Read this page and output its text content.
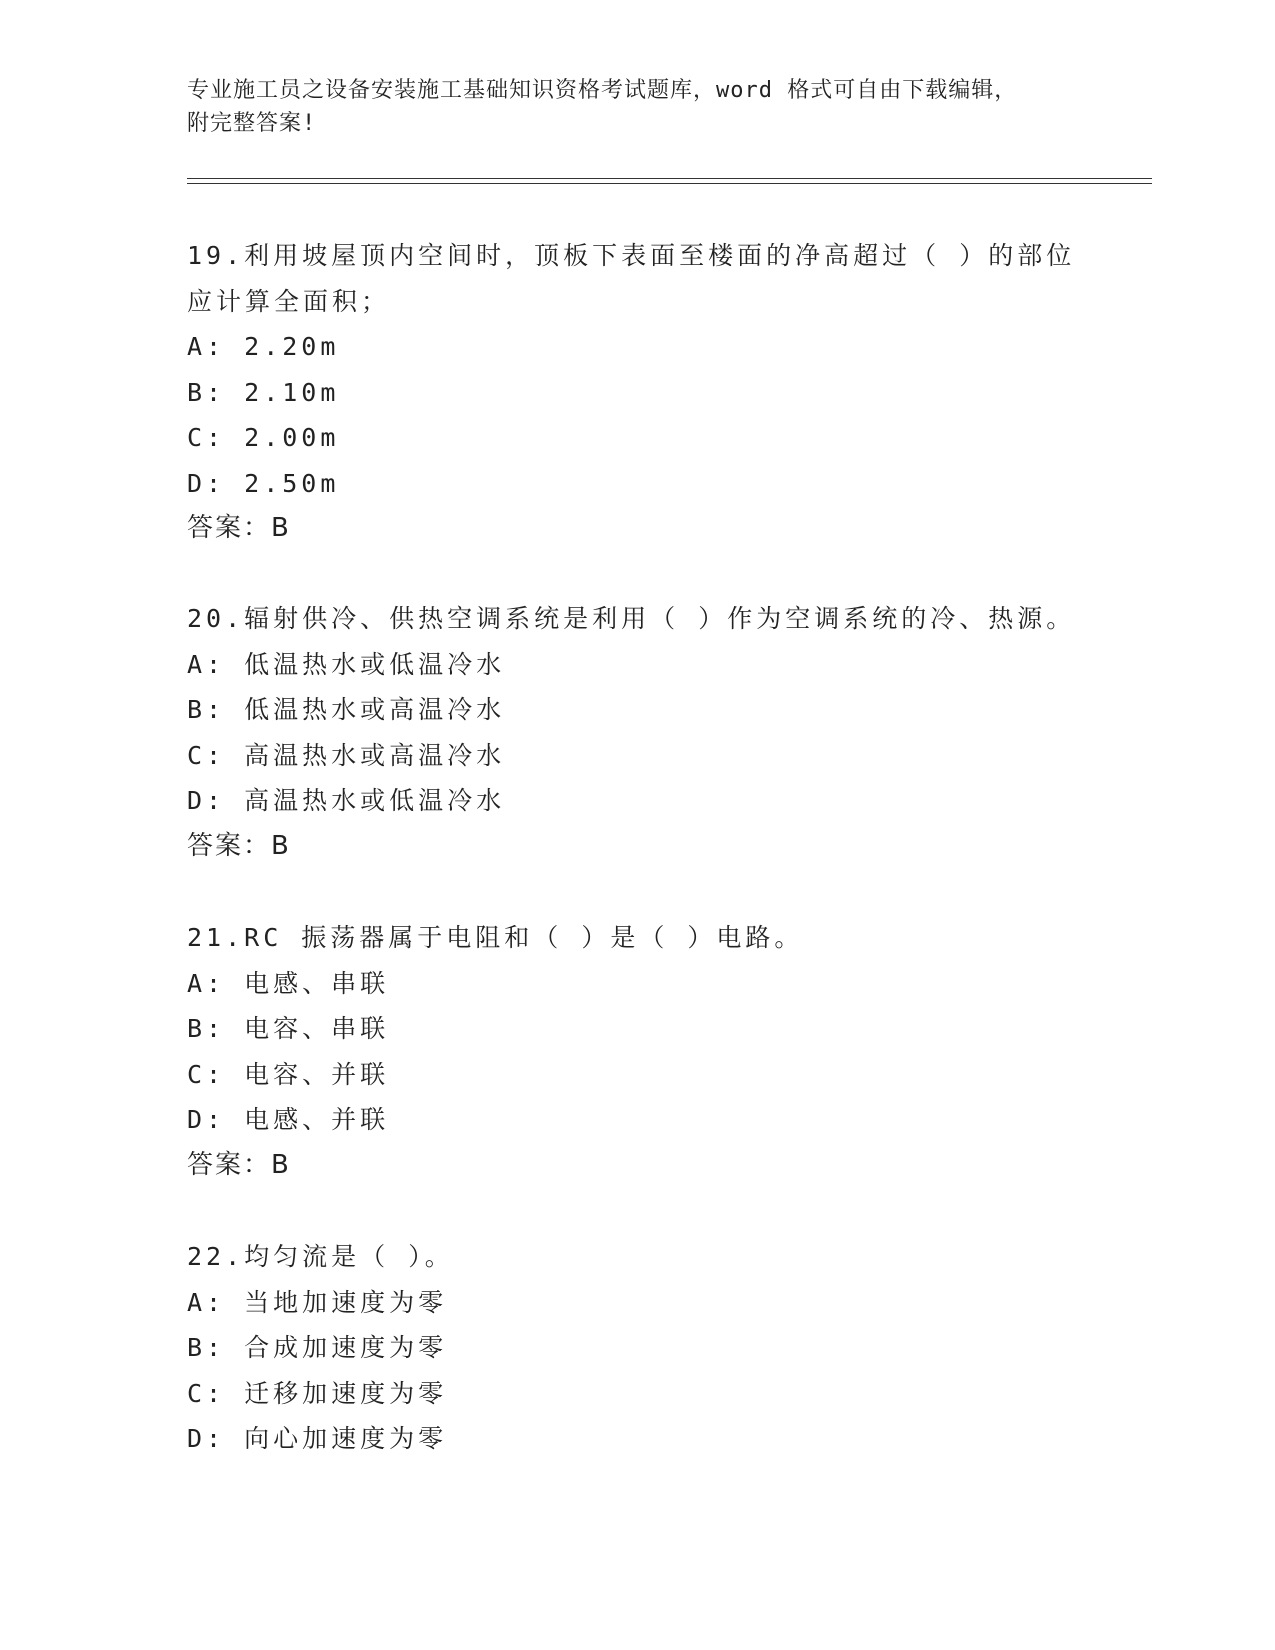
专业施工员之设备安装施工基础知识资格考试题库，word 格式可自由下载编辑，
附完整答案!
19.利用坡屋顶内空间时，顶板下表面至楼面的净高超过（ ）的部位
应计算全面积；
A: 2.20m
B: 2.10m
C: 2.00m
D: 2.50m
答案：B
20.辐射供冷、供热空调系统是利用（ ）作为空调系统的冷、热源。
A: 低温热水或低温冷水
B: 低温热水或高温冷水
C: 高温热水或高温冷水
D: 高温热水或低温冷水
答案：B
21.RC 振荡器属于电阻和（ ）是（ ）电路。
A: 电感、串联
B: 电容、串联
C: 电容、并联
D: 电感、并联
答案：B
22.均匀流是（ ）。
A: 当地加速度为零
B: 合成加速度为零
C: 迁移加速度为零
D: 向心加速度为零
